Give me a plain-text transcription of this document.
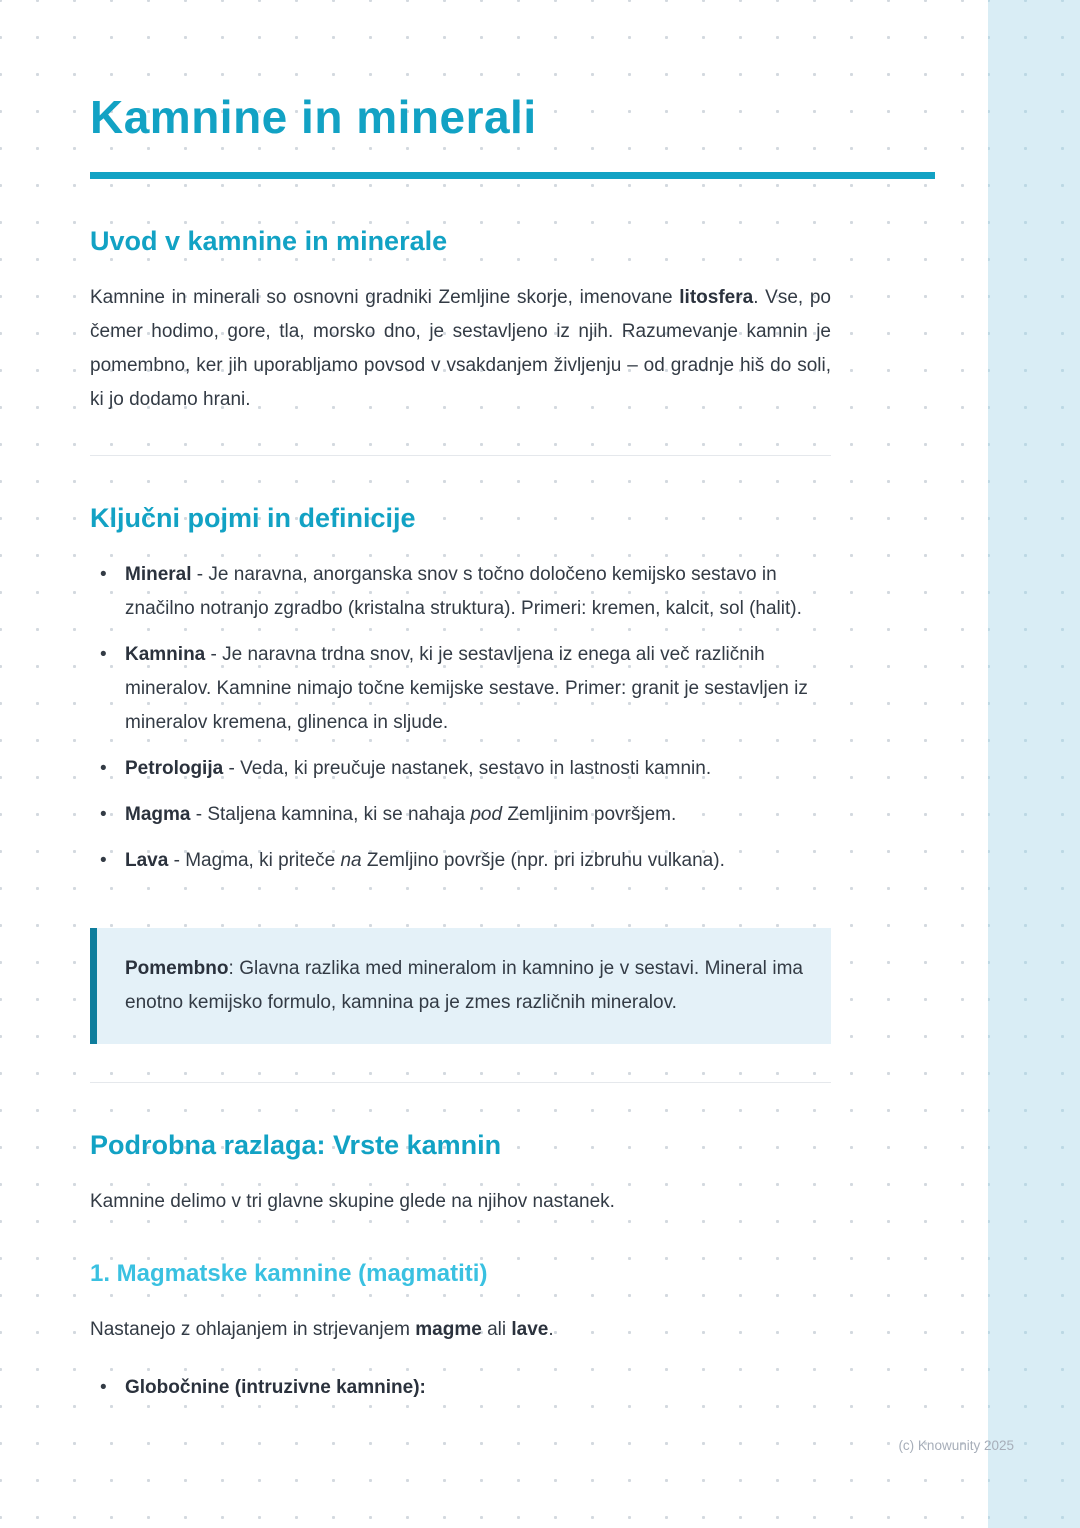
Kamnine in minerali
Uvod v kamnine in minerale

Kamnine in minerali so osnovni gradniki Zemljine skorje, imenovane litosfera. Vse, po čemer hodimo, gore, tla, morsko dno, je sestavljeno iz njih. Razumevanje kamnin je pomembno, ker jih uporabljamo povsod v vsakdanjem življenju – od gradnje hiš do soli, ki jo dodamo hrani.

Ključni pojmi in definicije
• Mineral - Je naravna, anorganska snov s točno določeno kemijsko sestavo in značilno notranjo zgradbo (kristalna struktura). Primeri: kremen, kalcit, sol (halit).
• Kamnina - Je naravna trdna snov, ki je sestavljena iz enega ali več različnih mineralov. Kamnine nimajo točne kemijske sestave. Primer: granit je sestavljen iz mineralov kremena, glinenca in sljude.
• Petrologija - Veda, ki preučuje nastanek, sestavo in lastnosti kamnin.
• Magma - Staljena kamnina, ki se nahaja pod Zemljinim površjem.
• Lava - Magma, ki priteče na Zemljino površje (npr. pri izbruhu vulkana).
Pomembno: Glavna razlika med mineralom in kamnino je v sestavi. Mineral ima enotno kemijsko formulo, kamnina pa je zmes različnih mineralov.
Podrobna razlaga: Vrste kamnin

Kamnine delimo v tri glavne skupine glede na njihov nastanek.

1. Magmatske kamnine (magmatiti)

Nastanejo z ohlajanjem in strjevanjem magme ali lave.

• Globočnine (intruzivne kamnine):
(c) Knowunity 2025
